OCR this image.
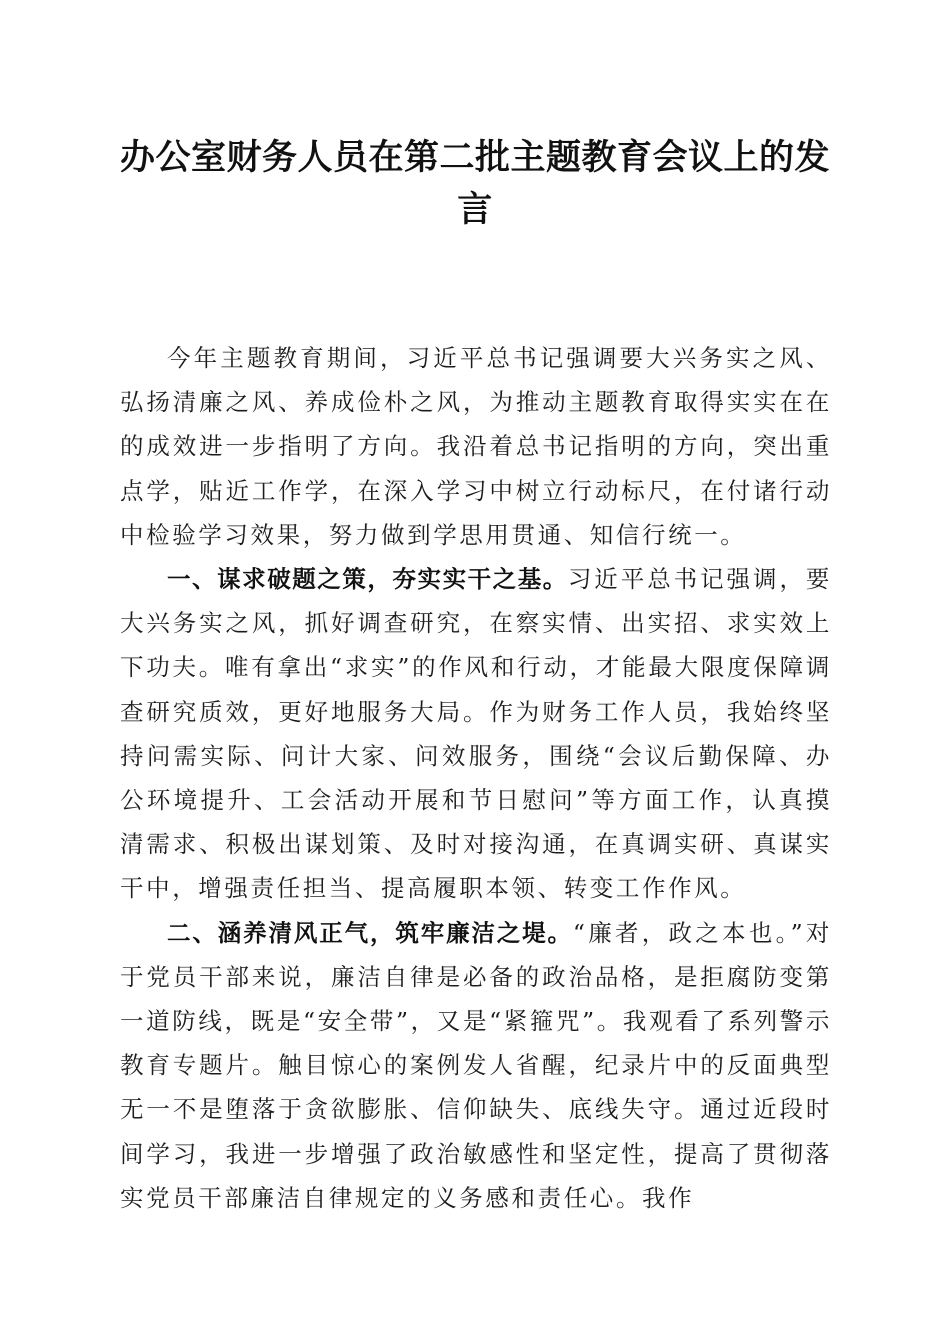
办公室财务人员在第二批主题教育会议上的发言

今年主题教育期间，习近平总书记强调要大兴务实之风、弘扬清廉之风、养成俭朴之风，为推动主题教育取得实实在在的成效进一步指明了方向。我沿着总书记指明的方向，突出重点学，贴近工作学，在深入学习中树立行动标尺，在付诸行动中检验学习效果，努力做到学思用贯通、知信行统一。

一、谋求破题之策，夯实实干之基。习近平总书记强调，要大兴务实之风，抓好调查研究，在察实情、出实招、求实效上下功夫。唯有拿出“求实”的作风和行动，才能最大限度保障调查研究质效，更好地服务大局。作为财务工作人员，我始终坚持问需实际、问计大家、问效服务，围绕“会议后勤保障、办公环境提升、工会活动开展和节日慰问”等方面工作，认真摸清需求、积极出谋划策、及时对接沟通，在真调实研、真谋实干中，增强责任担当、提高履职本领、转变工作作风。

二、涵养清风正气，筑牢廉洁之堤。“廉者，政之本也。”对于党员干部来说，廉洁自律是必备的政治品格，是拒腐防变第一道防线，既是“安全带”，又是“紧箍咒”。我观看了系列警示教育专题片。触目惊心的案例发人省醒，纪录片中的反面典型无一不是堕落于贪欲膨胀、信仰缺失、底线失守。通过近段时间学习，我进一步增强了政治敏感性和坚定性，提高了贯彻落实党员干部廉洁自律规定的义务感和责任心。我作
